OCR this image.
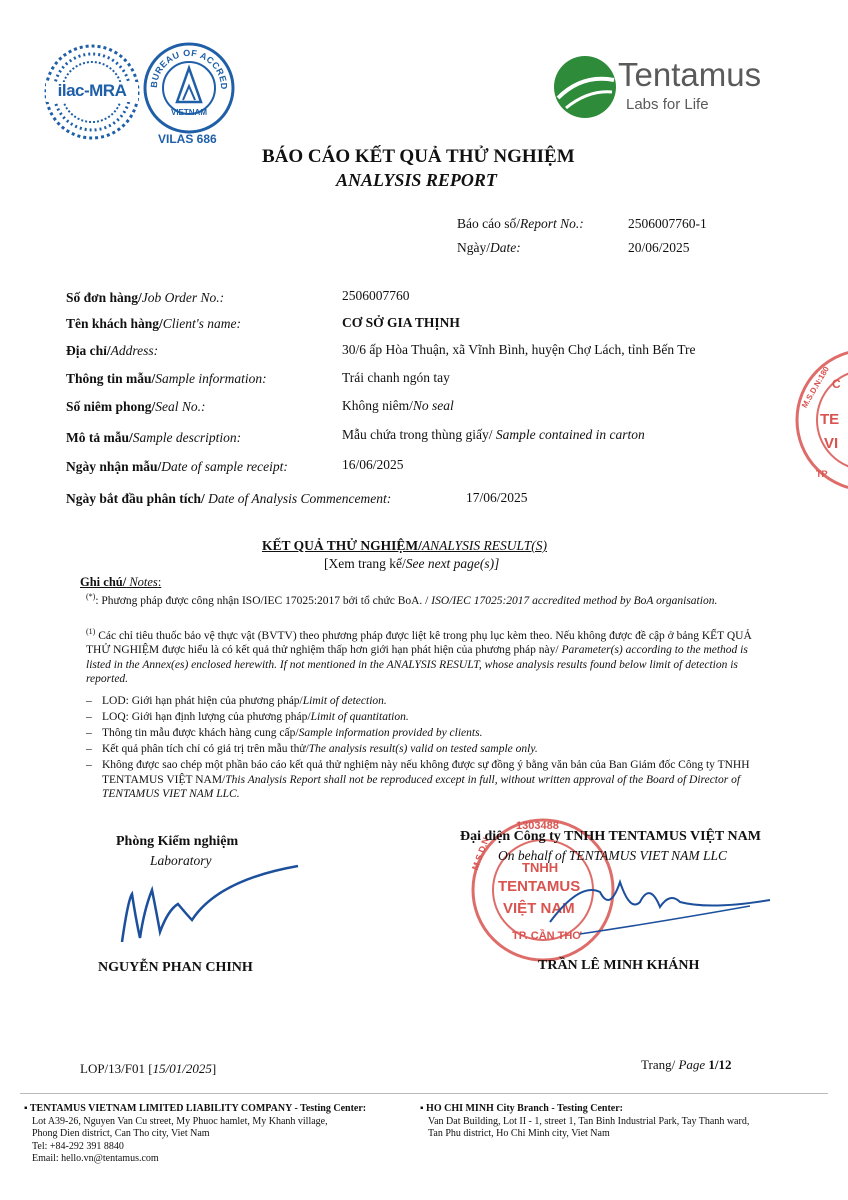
ilac-MRA	BUREAU OF ACCRED
VIETNAM
VILAS 686
Tentamus
Labs for Life
BÁO CÁO KẾT QUẢ THỬ NGHIỆM
ANALYSIS REPORT
Báo cáo số/Report No.:	2506007760-1
Ngày/Date:	20/06/2025
Số đơn hàng/Job Order No.:	2506007760
Tên khách hàng/Client's name:	CƠ SỞ GIA THỊNH
Địa chỉ/Address:	30/6 ấp Hòa Thuận, xã Vĩnh Bình, huyện Chợ Lách, tỉnh Bến Tre
Thông tin mẫu/Sample information:	Trái chanh ngón tay
Số niêm phong/Seal No.:	Không niêm/No seal
Mô tả mẫu/Sample description:	Mẫu chứa trong thùng giấy/ Sample contained in carton
Ngày nhận mẫu/Date of sample receipt:	16/06/2025
Ngày bắt đầu phân tích/ Date of Analysis Commencement:	17/06/2025
KẾT QUẢ THỬ NGHIỆM/ANALYSIS RESULT(S)
[Xem trang kế/See next page(s)]
Ghi chú/ Notes:
(*): Phương pháp được công nhận ISO/IEC 17025:2017 bởi tổ chức BoA. / ISO/IEC 17025:2017 accredited method by BoA organisation.
$^{(1)}$ Các chỉ tiêu thuốc bảo vệ thực vật (BVTV) theo phương pháp được liệt kê trong phụ lục kèm theo. Nếu không được đề cập ở bảng KẾT QUẢ THỬ NGHIỆM được hiểu là có kết quả thử nghiệm thấp hơn giới hạn phát hiện của phương pháp này/ Parameter(s) according to the method is listed in the Annex(es) enclosed herewith. If not mentioned in the ANALYSIS RESULT, whose analysis results found below limit of detection is reported.
– LOD: Giới hạn phát hiện của phương pháp/Limit of detection.
– LOQ: Giới hạn định lượng của phương pháp/Limit of quantitation.
– Thông tin mẫu được khách hàng cung cấp/Sample information provided by clients.
– Kết quả phân tích chỉ có giá trị trên mẫu thử/The analysis result(s) valid on tested sample only.
– Không được sao chép một phần báo cáo kết quả thử nghiệm này nếu không được sự đồng ý bằng văn bản của Ban Giám đốc Công ty TNHH TENTAMUS VIỆT NAM/This Analysis Report shall not be reproduced except in full, without written approval of the Board of Director of TENTAMUS VIET NAM LLC.
Phòng Kiểm nghiệm
Laboratory
NGUYỄN PHAN CHINH
1303488
M.S.D.N TNHH
TENTAMUS
VIỆT NAM
TP. CẦN THƠ
Đại diện Công ty TNHH TENTAMUS VIỆT NAM
On behalf of TENTAMUS VIET NAM LLC
TRẦN LÊ MINH KHÁNH
M.S.D.N:180 C
TE
VI
TP
LOP/13/F01 [15/01/2025]	Trang/ Page 1/12
▪ TENTAMUS VIETNAM LIMITED LIABILITY COMPANY - Testing Center:
Lot A39-26, Nguyen Van Cu street, My Phuoc hamlet, My Khanh village,
Phong Dien district, Can Tho city, Viet Nam
Tel: +84-292 391 8840
Email: hello.vn@tentamus.com
▪ HO CHI MINH City Branch - Testing Center:
Van Dat Building, Lot II - 1, street 1, Tan Binh Industrial Park, Tay Thanh ward,
Tan Phu district, Ho Chi Minh city, Viet Nam
